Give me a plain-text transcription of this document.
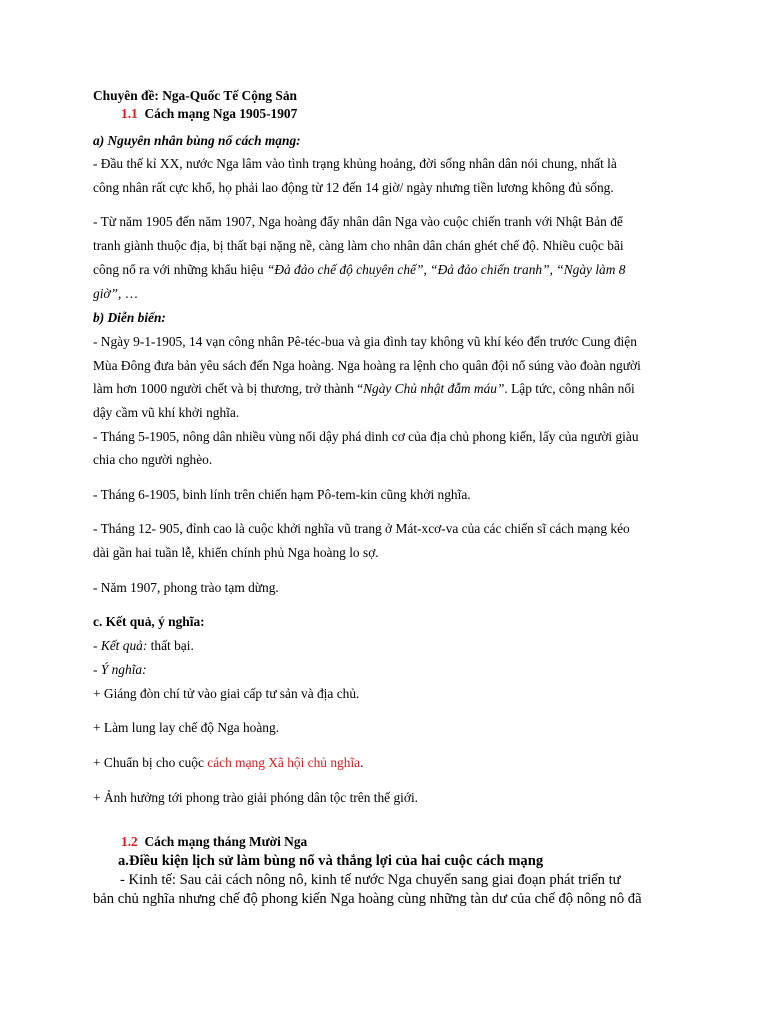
Chuyên đề: Nga-Quốc Tế Cộng Sản
1.1 Cách mạng Nga 1905-1907
a) Nguyên nhân bùng nổ cách mạng:
- Đầu thế kỉ XX, nước Nga lâm vào tình trạng khủng hoảng, đời sống nhân dân nói chung, nhất là
công nhân rất cực khổ, họ phải lao động từ 12 đến 14 giờ/ ngày nhưng tiền lương không đủ sống.
- Từ năm 1905 đến năm 1907, Nga hoàng đẩy nhân dân Nga vào cuộc chiến tranh với Nhật Bản để
tranh giành thuộc địa, bị thất bại nặng nề, càng làm cho nhân dân chán ghét chế độ. Nhiều cuộc bãi
công nổ ra với những khẩu hiệu “Đả đảo chế độ chuyên chế”, “Đả đảo chiến tranh”, “Ngày làm 8
giờ”, …
b) Diễn biến:
- Ngày 9-1-1905, 14 vạn công nhân Pê-téc-bua và gia đình tay không vũ khí kéo đến trước Cung điện
Mùa Đông đưa bản yêu sách đến Nga hoàng. Nga hoàng ra lệnh cho quân đội nổ súng vào đoàn người
làm hơn 1000 người chết và bị thương, trở thành “Ngày Chủ nhật đẫm máu”. Lập tức, công nhân nổi
dậy cầm vũ khí khởi nghĩa.
- Tháng 5-1905, nông dân nhiều vùng nổi dậy phá dinh cơ của địa chủ phong kiến, lấy của người giàu
chia cho người nghèo.
- Tháng 6-1905, binh lính trên chiến hạm Pô-tem-kin cũng khởi nghĩa.
- Tháng 12- 905, đỉnh cao là cuộc khởi nghĩa vũ trang ở Mát-xcơ-va của các chiến sĩ cách mạng kéo
dài gần hai tuần lễ, khiến chính phủ Nga hoàng lo sợ.
- Năm 1907, phong trào tạm dừng.
c. Kết quả, ý nghĩa:
- Kết quả: thất bại.
- Ý nghĩa:
+ Giáng đòn chí tử vào giai cấp tư sản và địa chủ.
+ Làm lung lay chế độ Nga hoàng.
+ Chuẩn bị cho cuộc cách mạng Xã hội chủ nghĩa.
+ Ảnh hưởng tới phong trào giải phóng dân tộc trên thế giới.
1.2 Cách mạng tháng Mười Nga
a.Điều kiện lịch sử làm bùng nổ và thắng lợi của hai cuộc cách mạng
- Kinh tế: Sau cải cách nông nô, kinh tế nước Nga chuyển sang giai đoạn phát triển tư
bản chủ nghĩa nhưng chế độ phong kiến Nga hoàng cùng những tàn dư của chế độ nông nô đã
